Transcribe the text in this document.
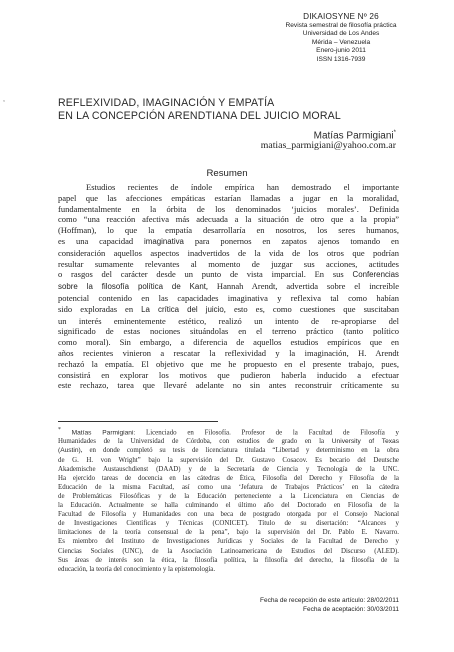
,
DIKAIOSYNE Nº 26
Revista semestral de filosofía práctica
Universidad de Los Andes
Mérida – Venezuela
Enero-junio 2011
ISSN 1316-7939
REFLEXIVIDAD, IMAGINACIÓN Y EMPATÍA
EN LA CONCEPCIÓN ARENDTIANA DEL JUICIO MORAL
Matías Parmigiani*
matias_parmigiani@yahoo.com.ar
Resumen
Estudios recientes de índole empírica han demostrado el importante
papel que las afecciones empáticas estarían llamadas a jugar en la moralidad,
fundamentalmente en la órbita de los denominados ‘juicios morales’. Definida
como “una reacción afectiva más adecuada a la situación de otro que a la propia”
(Hoffman), lo que la empatía desarrollaría en nosotros, los seres humanos,
es una capacidad imaginativa para ponernos en zapatos ajenos tomando en
consideración aquellos aspectos inadvertidos de la vida de los otros que podrían
resultar sumamente relevantes al momento de juzgar sus acciones, actitudes
o rasgos del carácter desde un punto de vista imparcial. En sus Conferencias
sobre la filosofía política de Kant, Hannah Arendt, advertida sobre el increíble
potencial contenido en las capacidades imaginativa y reflexiva tal como habían
sido exploradas en La crítica del juicio, esto es, como cuestiones que suscitaban
un interés eminentemente estético, realizó un intento de re-apropiarse del
significado de estas nociones situándolas en el terreno práctico (tanto político
como moral). Sin embargo, a diferencia de aquellos estudios empíricos que en
años recientes vinieron a rescatar la reflexividad y la imaginación, H. Arendt
rechazó la empatía. El objetivo que me he propuesto en el presente trabajo, pues,
consistirá en explorar los motivos que pudieron haberla inducido a efectuar
este rechazo, tarea que llevaré adelante no sin antes reconstruir críticamente su
* Matías Parmigiani: Licenciado en Filosofía. Profesor de la Facultad de Filosofía y
Humanidades de la Universidad de Córdoba, con estudios de grado en la University of Texas
(Austin), en donde completó su tesis de licenciatura titulada “Libertad y determinismo en la obra
de G. H. von Wright” bajo la supervisión del Dr. Gustavo Cosacov. Es becario del Deutsche
Akademische Austauschdienst (DAAD) y de la Secretaría de Ciencia y Tecnología de la UNC.
Ha ejercido tareas de docencia en las cátedras de Ética, Filosofía del Derecho y Filosofía de la
Educación de la misma Facultad, así como una ‘Jefatura de Trabajos Prácticos’ en la cátedra
de Problemáticas Filosóficas y de la Educación perteneciente a la Licenciatura en Ciencias de
la Educación. Actualmente se halla culminando el último año del Doctorado en Filosofía de la
Facultad de Filosofía y Humanidades con una beca de postgrado otorgada por el Consejo Nacional
de Investigaciones Científicas y Técnicas (CONICET). Título de su disertación: “Alcances y
limitaciones de la teoría consensual de la pena”, bajo la supervisión del Dr. Pablo E. Navarro.
Es miembro del Instituto de Investigaciones Jurídicas y Sociales de la Facultad de Derecho y
Ciencias Sociales (UNC), de la Asociación Latinoamericana de Estudios del Discurso (ALED).
Sus áreas de interés son la ética, la filosofía política, la filosofía del derecho, la filosofía de la
educación, la teoría del conocimiento y la epistemología.
Fecha de recepción de este artículo: 28/02/2011
Fecha de aceptación: 30/03/2011
